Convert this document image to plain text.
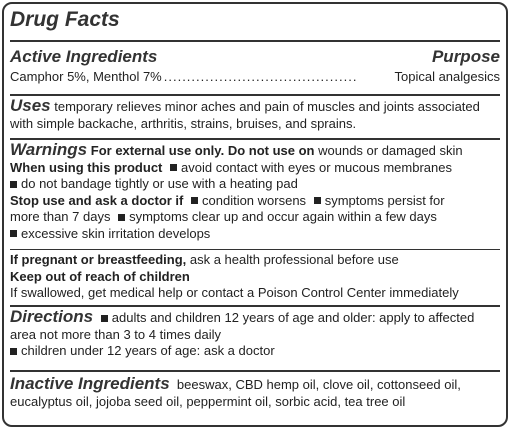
Drug Facts
Active Ingredients	Purpose
Camphor 5%, Menthol 7% ..........................................	Topical analgesics
Uses temporary relieves minor aches and pain of muscles and joints associated with simple backache, arthritis, strains, bruises, and sprains.
Warnings For external use only. Do not use on wounds or damaged skin
When using this product avoid contact with eyes or mucous membranes
do not bandage tightly or use with a heating pad
Stop use and ask a doctor if condition worsens symptoms persist for
more than 7 days symptoms clear up and occur again within a few days
excessive skin irritation develops
If pregnant or breastfeeding, ask a health professional before use
Keep out of reach of children
If swallowed, get medical help or contact a Poison Control Center immediately
Directions adults and children 12 years of age and older: apply to affected
area not more than 3 to 4 times daily
children under 12 years of age: ask a doctor
Inactive Ingredients beeswax, CBD hemp oil, clove oil, cottonseed oil,
eucalyptus oil, jojoba seed oil, peppermint oil, sorbic acid, tea tree oil
